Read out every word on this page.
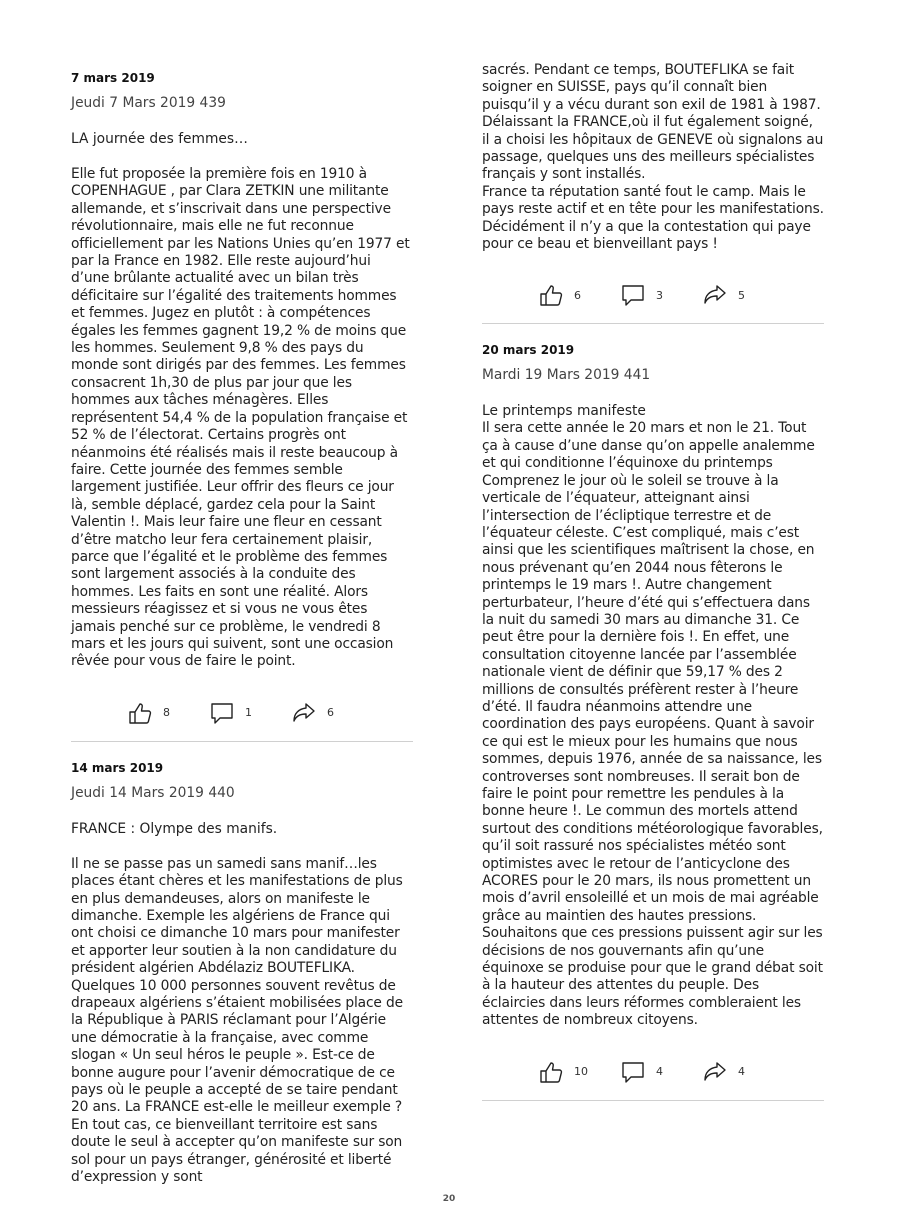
7 mars 2019

Jeudi 7 Mars 2019 439

LA journée des femmes…

Elle fut proposée la première fois en 1910 à COPENHAGUE , par Clara ZETKIN une militante allemande, et s’inscrivait dans une perspective révolutionnaire, mais elle ne fut reconnue officiellement par les Nations Unies qu’en 1977 et par la France en 1982. Elle reste aujourd’hui d’une brûlante actualité avec un bilan très déficitaire sur l’égalité des traitements hommes et femmes. Jugez en plutôt : à compétences égales les femmes gagnent 19,2 % de moins que les hommes. Seulement 9,8 % des pays du monde sont dirigés par des femmes. Les femmes consacrent 1h,30 de plus par jour que les hommes aux tâches ménagères. Elles représentent 54,4 % de la population française et 52 % de l’électorat. Certains progrès ont néanmoins été réalisés mais il reste beaucoup à faire. Cette journée des femmes semble largement justifiée. Leur offrir des fleurs ce jour là, semble déplacé, gardez cela pour la Saint Valentin !. Mais leur faire une fleur en cessant d’être matcho leur fera certainement plaisir, parce que l’égalité et le problème des femmes sont largement associés à la conduite des hommes. Les faits en sont une réalité. Alors messieurs réagissez et si vous ne vous êtes jamais penché sur ce problème, le vendredi 8 mars et les jours qui suivent, sont une occasion rêvée pour vous de faire le point.

8	1	6

14 mars 2019

Jeudi 14 Mars 2019 440

FRANCE : Olympe des manifs.

Il ne se passe pas un samedi sans manif…les places étant chères et les manifestations de plus en plus demandeuses, alors on manifeste le dimanche. Exemple les algériens de France qui ont choisi ce dimanche 10 mars pour manifester et apporter leur soutien à la non candidature du président algérien Abdélaziz BOUTEFLIKA. Quelques 10 000 personnes souvent revêtus de drapeaux algériens s’étaient mobilisées place de la République à PARIS réclamant pour l’Algérie une démocratie à la française, avec comme slogan « Un seul héros le peuple ». Est-ce de bonne augure pour l’avenir démocratique de ce pays où le peuple a accepté de se taire pendant 20 ans. La FRANCE est-elle le meilleur exemple ? En tout cas, ce bienveillant territoire est sans doute le seul à accepter qu’on manifeste sur son sol pour un pays étranger, générosité et liberté d’expression y sont

sacrés. Pendant ce temps, BOUTEFLIKA se fait soigner en SUISSE, pays qu’il connaît bien puisqu’il y a vécu durant son exil de 1981 à 1987. Délaissant la FRANCE,où il fut également soigné, il a choisi les hôpitaux de GENEVE où signalons au passage, quelques uns des meilleurs spécialistes français y sont installés.
France ta réputation santé fout le camp. Mais le pays reste actif et en tête pour les manifestations. Décidément il n’y a que la contestation qui paye pour ce beau et bienveillant pays !

6	3	5

20 mars 2019

Mardi 19 Mars 2019 441

Le printemps manifeste

Il sera cette année le 20 mars et non le 21. Tout ça à cause d’une danse qu’on appelle analemme et qui conditionne l’équinoxe du printemps Comprenez le jour où le soleil se trouve à la verticale de l’équateur, atteignant ainsi l’intersection de l’écliptique terrestre et de l’équateur céleste. C’est compliqué, mais c’est ainsi que les scientifiques maîtrisent la chose, en nous prévenant qu’en 2044 nous fêterons le printemps le 19 mars !. Autre changement perturbateur, l’heure d’été qui s’effectuera dans la nuit du samedi 30 mars au dimanche 31. Ce peut être pour la dernière fois !. En effet, une consultation citoyenne lancée par l’assemblée nationale vient de définir que 59,17 % des 2 millions de consultés préfèrent rester à l’heure d’été. Il faudra néanmoins attendre une coordination des pays européens. Quant à savoir ce qui est le mieux pour les humains que nous sommes, depuis 1976, année de sa naissance, les controverses sont nombreuses. Il serait bon de faire le point pour remettre les pendules à la bonne heure !. Le commun des mortels attend surtout des conditions météorologique favorables, qu’il soit rassuré nos spécialistes météo sont optimistes avec le retour de l’anticyclone des ACORES pour le 20 mars, ils nous promettent un mois d’avril ensoleillé et un mois de mai agréable grâce au maintien des hautes pressions. Souhaitons que ces pressions puissent agir sur les décisions de nos gouvernants afin qu’une équinoxe se produise pour que le grand débat soit à la hauteur des attentes du peuple. Des éclaircies dans leurs réformes combleraient les attentes de nombreux citoyens.

10	4	4
20
